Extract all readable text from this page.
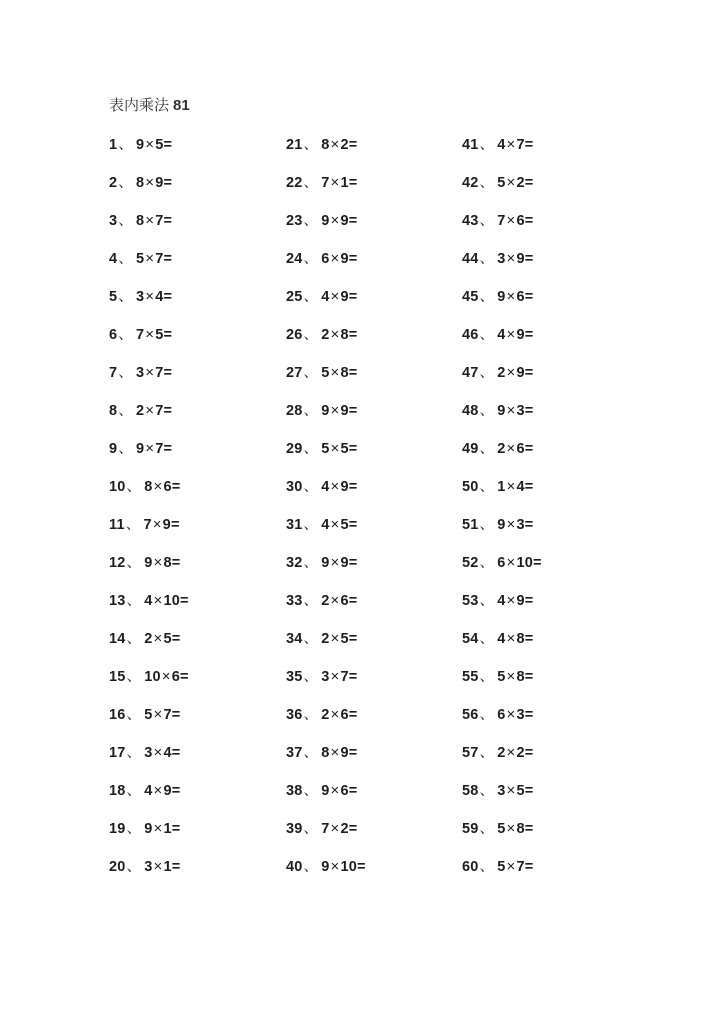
表内乘法 81
1、 9×5=
2、 8×9=
3、 8×7=
4、 5×7=
5、 3×4=
6、 7×5=
7、 3×7=
8、 2×7=
9、 9×7=
10、 8×6=
11、 7×9=
12、 9×8=
13、 4×10=
14、 2×5=
15、 10×6=
16、 5×7=
17、 3×4=
18、 4×9=
19、 9×1=
20、 3×1=
21、 8×2=
22、 7×1=
23、 9×9=
24、 6×9=
25、 4×9=
26、 2×8=
27、 5×8=
28、 9×9=
29、 5×5=
30、 4×9=
31、 4×5=
32、 9×9=
33、 2×6=
34、 2×5=
35、 3×7=
36、 2×6=
37、 8×9=
38、 9×6=
39、 7×2=
40、 9×10=
41、 4×7=
42、 5×2=
43、 7×6=
44、 3×9=
45、 9×6=
46、 4×9=
47、 2×9=
48、 9×3=
49、 2×6=
50、 1×4=
51、 9×3=
52、 6×10=
53、 4×9=
54、 4×8=
55、 5×8=
56、 6×3=
57、 2×2=
58、 3×5=
59、 5×8=
60、 5×7=
